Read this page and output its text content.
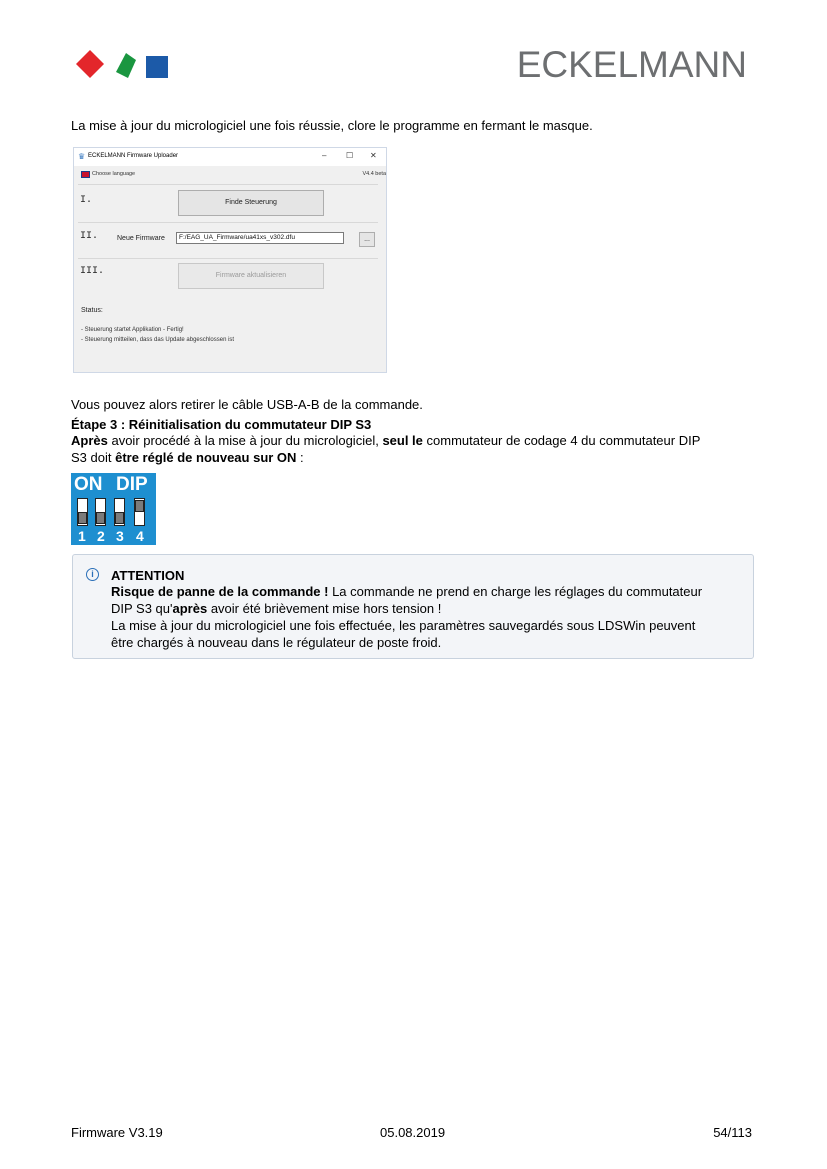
ECKELMANN
La mise à jour du micrologiciel une fois réussie, clore le programme en fermant le masque.
♛ ECKELMANN Firmware Uploader	– ☐ ✕
Choose language	V4.4 beta
I.	Finde Steuerung
II.	Neue Firmware	F:/EAG_UA_Firmware/ua41xs_v302.dfu	...
III.	Firmware aktualisieren
Status:
- Steuerung startet Applikation - Fertig!
- Steuerung mitteilen, dass das Update abgeschlossen ist
Vous pouvez alors retirer le câble USB-A-B de la commande.
Étape 3 : Réinitialisation du commutateur DIP S3
Après avoir procédé à la mise à jour du micrologiciel, seul le commutateur de codage 4 du commutateur DIP
S3 doit être réglé de nouveau sur ON :
ON DIP
1 2 3 4
i	ATTENTION
Risque de panne de la commande ! La commande ne prend en charge les réglages du commutateur
DIP S3 qu'après avoir été brièvement mise hors tension !
La mise à jour du micrologiciel une fois effectuée, les paramètres sauvegardés sous LDSWin peuvent
être chargés à nouveau dans le régulateur de poste froid.
Firmware V3.19	05.08.2019	54/113
